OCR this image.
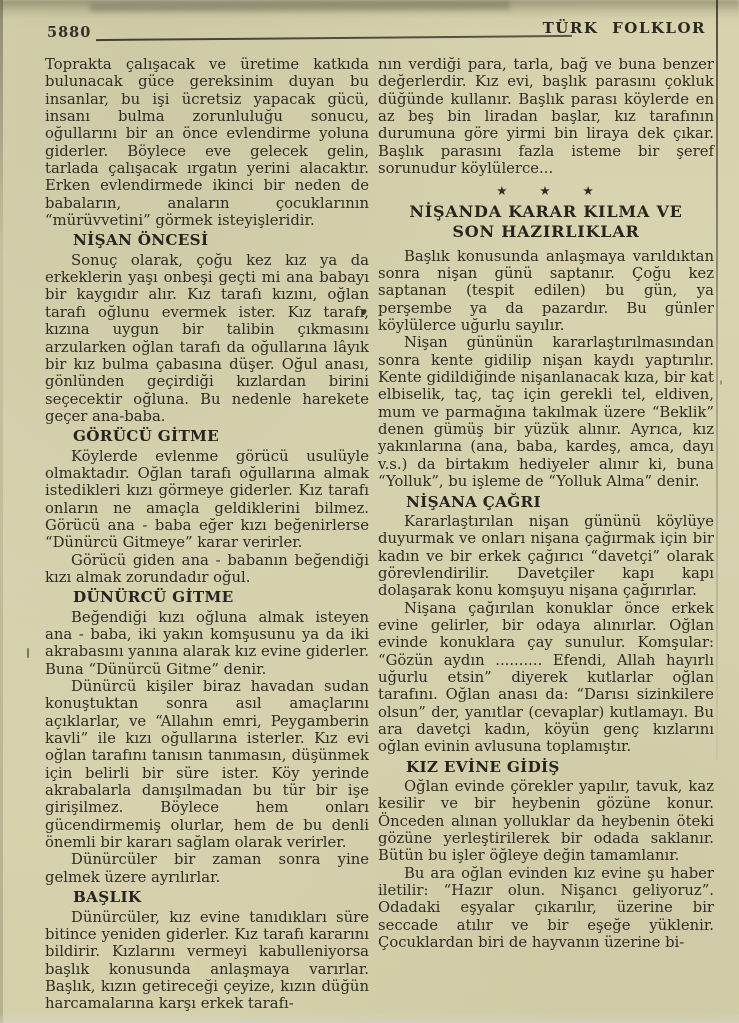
5880	TÜRK FOLKLOR

Toprakta çalışacak ve üretime katkıda bulunacak güce gereksinim duyan bu insanlar, bu işi ücretsiz yapacak gücü, insanı bulma zorunluluğu sonucu, oğullarını bir an önce evlendirme yoluna giderler. Böylece eve gelecek gelin, tarlada çalışacak ırgatın yerini alacaktır. Erken evlendirmede ikinci bir neden de babaların, anaların çocuklarının “mürüvvetini” görmek isteyişleridir.

NİŞAN ÖNCESİ

Sonuç olarak, çoğu kez kız ya da erkeklerin yaşı onbeşi geçti mi ana babayı bir kaygıdır alır. Kız tarafı kızını, oğlan tarafı oğlunu evermek ister. Kız tarafı, kızına uygun bir talibin çıkmasını arzularken oğlan tarafı da oğullarına lâyık bir kız bulma çabasına düşer. Oğul anası, gönlünden geçirdiği kızlardan birini seçecektir oğluna. Bu nedenle harekete geçer ana-baba.

GÖRÜCÜ GİTME

Köylerde evlenme görücü usulüyle olmaktadır. Oğlan tarafı oğullarına almak istedikleri kızı görmeye giderler. Kız tarafı onların ne amaçla geldiklerini bilmez. Görücü ana - baba eğer kızı beğenirlerse “Dünürcü Gitmeye” karar verirler.

Görücü giden ana - babanın beğendiği kızı almak zorundadır oğul.

DÜNÜRCÜ GİTME

Beğendiği kızı oğluna almak isteyen ana - baba, iki yakın komşusunu ya da iki akrabasını yanına alarak kız evine giderler. Buna “Dünürcü Gitme” denir.

Dünürcü kişiler biraz havadan sudan konuştuktan sonra asıl amaçlarını açıklarlar, ve “Allahın emri, Peygamberin kavli” ile kızı oğullarına isterler. Kız evi oğlan tarafını tanısın tanımasın, düşünmek için belirli bir süre ister. Köy yerinde akrabalarla danışılmadan bu tür bir işe girişilmez. Böylece hem onları gücendirmemiş olurlar, hem de bu denli önemli bir kararı sağlam olarak verirler.

Dünürcüler bir zaman sonra yine gelmek üzere ayrılırlar.

BAŞLIK

Dünürcüler, kız evine tanıdıkları süre bitince yeniden giderler. Kız tarafı kararını bildirir. Kızlarını vermeyi kabulleniyorsa başlık konusunda anlaşmaya varırlar. Başlık, kızın getireceği çeyize, kızın düğün harcamalarına karşı erkek tarafı-

nın verdiği para, tarla, bağ ve buna benzer değerlerdir. Kız evi, başlık parasını çokluk düğünde kullanır. Başlık parası köylerde en az beş bin liradan başlar, kız tarafının durumuna göre yirmi bin liraya dek çıkar. Başlık parasını fazla isteme bir şeref sorunudur köylülerce...

★ ★ ★
NİŞANDA KARAR KILMA VE SON HAZIRLIKLAR

Başlık konusunda anlaşmaya varıldıktan sonra nişan günü saptanır. Çoğu kez saptanan (tespit edilen) bu gün, ya perşembe ya da pazardır. Bu günler köylülerce uğurlu sayılır.

Nişan gününün kararlaştırılmasından sonra kente gidilip nişan kaydı yaptırılır. Kente gidildiğinde nişanlanacak kıza, bir kat elbiselik, taç, taç için gerekli tel, eldiven, mum ve parmağına takılmak üzere “Beklik” denen gümüş bir yüzük alınır. Ayrıca, kız yakınlarına (ana, baba, kardeş, amca, dayı v.s.) da birtakım hediyeler alınır ki, buna “Yolluk”, bu işleme de “Yolluk Alma” denir.

NİŞANA ÇAĞRI

Kararlaştırılan nişan gününü köylüye duyurmak ve onları nişana çağırmak için bir kadın ve bir erkek çağırıcı “davetçi” olarak görevlendirilir. Davetçiler kapı kapı dolaşarak konu komşuyu nişana çağırırlar.

Nişana çağırılan konuklar önce erkek evine gelirler, bir odaya alınırlar. Oğlan evinde konuklara çay sunulur. Komşular: “Gözün aydın .......... Efendi, Allah hayırlı uğurlu etsin” diyerek kutlarlar oğlan tarafını. Oğlan anası da: “Darısı sizinkilere olsun” der, yanıtlar (cevaplar) kutlamayı. Bu ara davetçi kadın, köyün genç kızlarını oğlan evinin avlusuna toplamıştır.

KIZ EVİNE GİDİŞ

Oğlan evinde çörekler yapılır, tavuk, kaz kesilir ve bir heybenin gözüne konur. Önceden alınan yolluklar da heybenin öteki gözüne yerleştirilerek bir odada saklanır. Bütün bu işler öğleye değin tamamlanır.

Bu ara oğlan evinden kız evine şu haber iletilir: “Hazır olun. Nişancı geliyoruz”. Odadaki eşyalar çıkarılır, üzerine bir seccade atılır ve bir eşeğe yüklenir. Çocuklardan biri de hayvanın üzerine bi-
